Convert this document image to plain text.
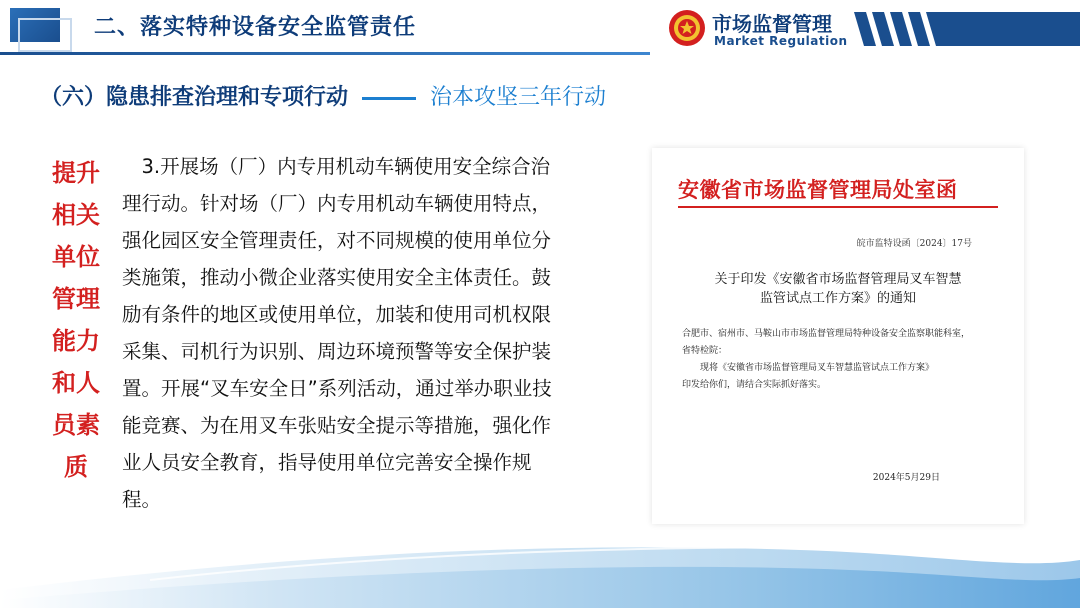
二、落实特种设备安全监管责任	市场监督管理
Market Regulation
（六）隐患排查治理和专项行动	治本攻坚三年行动
提升相关单位管理能力和人员素质
3.开展场（厂）内专用机动车辆使用安全综合治理行动。针对场（厂）内专用机动车辆使用特点，强化园区安全管理责任，对不同规模的使用单位分类施策，推动小微企业落实使用安全主体责任。鼓励有条件的地区或使用单位，加装和使用司机权限采集、司机行为识别、周边环境预警等安全保护装置。开展“叉车安全日”系列活动，通过举办职业技能竞赛、为在用叉车张贴安全提示等措施，强化作业人员安全教育，指导使用单位完善安全操作规程。
安徽省市场监督管理局处室函
皖市监特设函〔2024〕17号
关于印发《安徽省市场监督管理局叉车智慧
监管试点工作方案》的通知
合肥市、宿州市、马鞍山市市场监督管理局特种设备安全监察职能科室，
省特检院：
现将《安徽省市场监督管理局叉车智慧监管试点工作方案》
印发给你们，请结合实际抓好落实。
2024年5月29日
